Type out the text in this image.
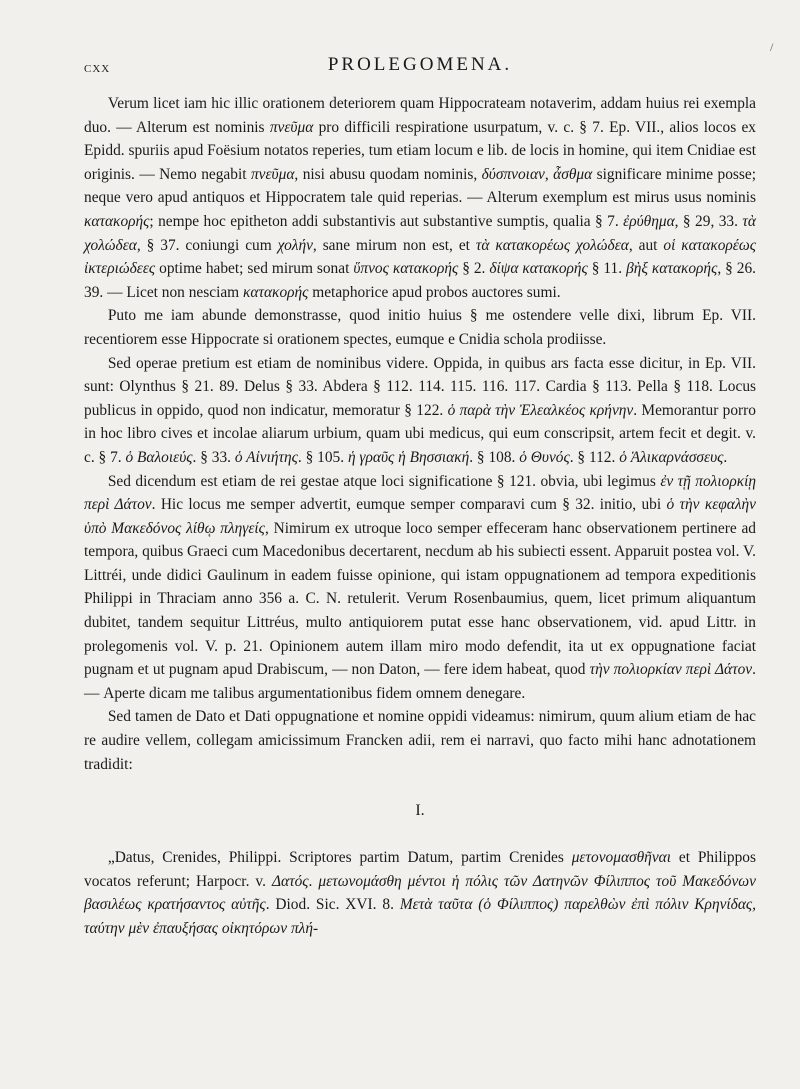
cxx	PROLEGOMENA.

Verum licet iam hic illic orationem deteriorem quam Hippocrateam notaverim, addam huius rei exempla duo. — Alterum est nominis πνεῦμα pro difficili respiratione usurpatum, v. c. § 7. Ep. VII., alios locos ex Epidd. spuriis apud Foësium notatos reperies, tum etiam locum e lib. de locis in homine, qui item Cnidiae est originis. — Nemo negabit πνεῦμα, nisi abusu quodam nominis, δύσπνοιαν, ἆσθμα significare minime posse; neque vero apud antiquos et Hippocratem tale quid reperias. — Alterum exemplum est mirus usus nominis κατακορής; nempe hoc epitheton addi substantivis aut substantive sumptis, qualia § 7. ἐρύθημα, § 29, 33. τὰ χολώδεα, § 37. coniungi cum χολήν, sane mirum non est, et τὰ κατακορέως χολώδεα, aut οἱ κατακορέως ἰκτεριώδεες optime habet; sed mirum sonat ὕπνος κατακορής § 2. δίψα κατακορής § 11. βὴξ κατακορής, § 26. 39. — Licet non nesciam κατακορής metaphorice apud probos auctores sumi.

Puto me iam abunde demonstrasse, quod initio huius § me ostendere velle dixi, librum Ep. VII. recentiorem esse Hippocrate si orationem spectes, eumque e Cnidia schola prodiisse.

Sed operae pretium est etiam de nominibus videre. Oppida, in quibus ars facta esse dicitur, in Ep. VII. sunt: Olynthus § 21. 89. Delus § 33. Abdera § 112. 114. 115. 116. 117. Cardia § 113. Pella § 118. Locus publicus in oppido, quod non indicatur, memoratur § 122. ὁ παρὰ τὴν Ἐλεαλκέος κρήνην. Memorantur porro in hoc libro cives et incolae aliarum urbium, quam ubi medicus, qui eum conscripsit, artem fecit et degit. v. c. § 7. ὁ Βαλοιεύς. § 33. ὁ Αἰνιήτης. § 105. ἡ γραῦς ἡ Βησσιακή. § 108. ὁ Θυνός. § 112. ὁ Ἁλικαρνάσσευς.

Sed dicendum est etiam de rei gestae atque loci significatione § 121. obvia, ubi legimus ἐν τῇ πολιορκίῃ περὶ Δάτον. Hic locus me semper advertit, eumque semper comparavi cum § 32. initio, ubi ὁ τὴν κεφαλὴν ὑπὸ Μακεδόνος λίθῳ πληγείς, Nimirum ex utroque loco semper effeceram hanc observationem pertinere ad tempora, quibus Graeci cum Macedonibus decertarent, necdum ab his subiecti essent. Apparuit postea vol. V. Littréi, unde didici Gaulinum in eadem fuisse opinione, qui istam oppugnationem ad tempora expeditionis Philippi in Thraciam anno 356 a. C. N. retulerit. Verum Rosenbaumius, quem, licet primum aliquantum dubitet, tandem sequitur Littréus, multo antiquiorem putat esse hanc observationem, vid. apud Littr. in prolegomenis vol. V. p. 21. Opinionem autem illam miro modo defendit, ita ut ex oppugnatione faciat pugnam et ut pugnam apud Drabiscum, — non Daton, — fere idem habeat, quod τὴν πολιορκίαν περὶ Δάτον. — Aperte dicam me talibus argumentationibus fidem omnem denegare.

Sed tamen de Dato et Dati oppugnatione et nomine oppidi videamus: nimirum, quum alium etiam de hac re audire vellem, collegam amicissimum Francken adii, rem ei narravi, quo facto mihi hanc adnotationem tradidit:

I.

„Datus, Crenides, Philippi. Scriptores partim Datum, partim Crenides μετονομασθῆναι et Philippos vocatos referunt; Harpocr. v. Δατός. μετωνομάσθη μέντοι ἡ πόλις τῶν Δατηνῶν Φίλιππος τοῦ Μακεδόνων βασιλέως κρατήσαντος αὐτῆς. Diod. Sic. XVI. 8. Μετὰ ταῦτα (ὁ Φίλιππος) παρελθὼν ἐπὶ πόλιν Κρηνίδας, ταύτην μὲν ἐπαυξήσας οἰκητόρων πλή-

/
